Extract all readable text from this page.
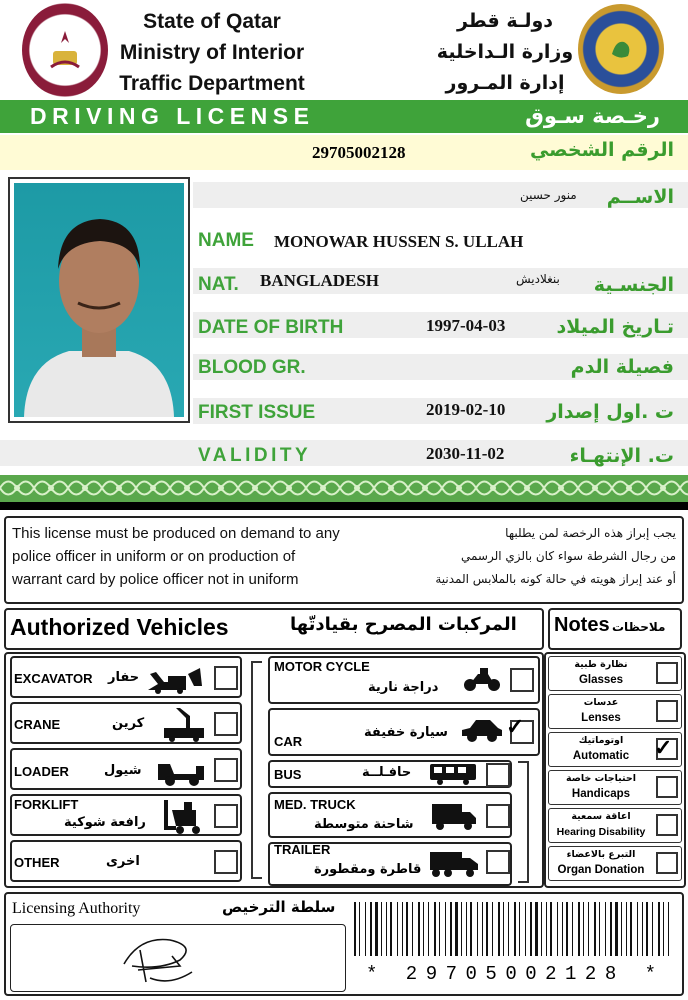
State of Qatar
Ministry of Interior
Traffic Department
دولـة قطر
وزارة الـداخلية
إدارة المـرور
DRIVING LICENSE	رخـصة سـوق
29705002128	الرقم الشخصي
منور حسين الاســم
NAME MONOWAR HUSSEN S. ULLAH
NAT. BANGLADESH	بنغلاديش الجنسـية
DATE OF BIRTH	1997-04-03	تـاريخ الميلاد
BLOOD GR.	فصيلة الدم
FIRST ISSUE	2019-02-10 ت .اول إصدار
VALIDITY	2030-11-02	ت. الإنتهـاء
This license must be produced on demand to any
police officer in uniform or on production of
warrant card by police officer not in uniform
يجب إبراز هذه الرخصة لمن يطلبها
من رجال الشرطة سواء كان بالزي الرسمي
أو عند إبراز هويته في حالة كونه بالملابس المدنية
Authorized Vehicles	المركبات المصرح بقيادتّها Notes ملاحظات
EXCAVATOR حفار
CRANE	كرين
LOADER	شيول
FORKLIFT
رافعة شوكية
OTHER	اخرى
MOTOR CYCLE
دراجة نارية
CAR
سيارة خفيفة	✓
BUS	حافـلــة
MED. TRUCK
شاحنة متوسطة
TRAILER
قاطرة ومقطورة
نظارة طبية
Glasses
عدسات
Lenses
اوتوماتيك
Automatic	✓
احتياجات خاصة
Handicaps
اعاقة سمعية
Hearing Disability
التبرع بالاعضاء
Organ Donation
Licensing Authority	سلطة الترخيص
* 29705002128 *
